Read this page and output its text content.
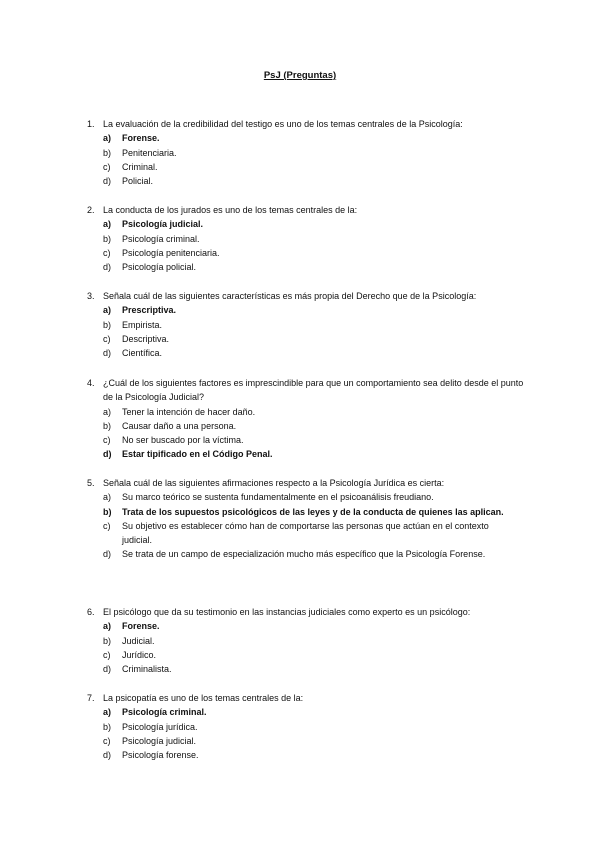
PsJ (Preguntas)
1. La evaluación de la credibilidad del testigo es uno de los temas centrales de la Psicología:
a) Forense.
b) Penitenciaria.
c) Criminal.
d) Policial.
2. La conducta de los jurados es uno de los temas centrales de la:
a) Psicología judicial.
b) Psicología criminal.
c) Psicología penitenciaria.
d) Psicología policial.
3. Señala cuál de las siguientes características es más propia del Derecho que de la Psicología:
a) Prescriptiva.
b) Empirista.
c) Descriptiva.
d) Científica.
4. ¿Cuál de los siguientes factores es imprescindible para que un comportamiento sea delito desde el punto de la Psicología Judicial?
a) Tener la intención de hacer daño.
b) Causar daño a una persona.
c) No ser buscado por la víctima.
d) Estar tipificado en el Código Penal.
5. Señala cuál de las siguientes afirmaciones respecto a la Psicología Jurídica es cierta:
a) Su marco teórico se sustenta fundamentalmente en el psicoanálisis freudiano.
b) Trata de los supuestos psicológicos de las leyes y de la conducta de quienes las aplican.
c) Su objetivo es establecer cómo han de comportarse las personas que actúan en el contexto judicial.
d) Se trata de un campo de especialización mucho más específico que la Psicología Forense.
6. El psicólogo que da su testimonio en las instancias judiciales como experto es un psicólogo:
a) Forense.
b) Judicial.
c) Jurídico.
d) Criminalista.
7. La psicopatía es uno de los temas centrales de la:
a) Psicología criminal.
b) Psicología jurídica.
c) Psicología judicial.
d) Psicología forense.
